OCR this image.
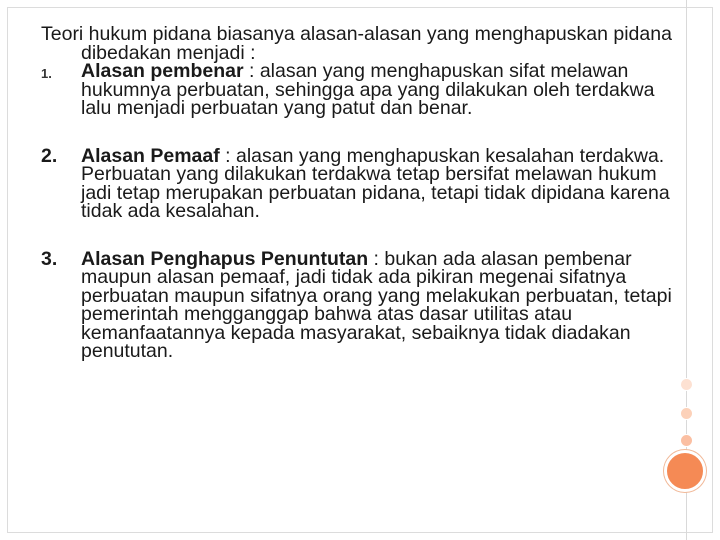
Teori hukum pidana biasanya alasan-alasan yang menghapuskan pidana dibedakan menjadi :

1. Alasan pembenar : alasan yang menghapuskan sifat melawan hukumnya perbuatan, sehingga apa yang dilakukan oleh terdakwa lalu menjadi perbuatan yang patut dan benar.

2. Alasan Pemaaf : alasan yang menghapuskan kesalahan terdakwa. Perbuatan yang dilakukan terdakwa tetap bersifat melawan hukum jadi tetap merupakan perbuatan pidana, tetapi tidak dipidana karena tidak ada kesalahan.

3. Alasan Penghapus Penuntutan : bukan ada alasan pembenar maupun alasan pemaaf, jadi tidak ada pikiran megenai sifatnya perbuatan maupun sifatnya orang yang melakukan perbuatan, tetapi pemerintah mengganggap bahwa atas dasar utilitas atau kemanfaatannya kepada masyarakat, sebaiknya tidak diadakan penututan.
